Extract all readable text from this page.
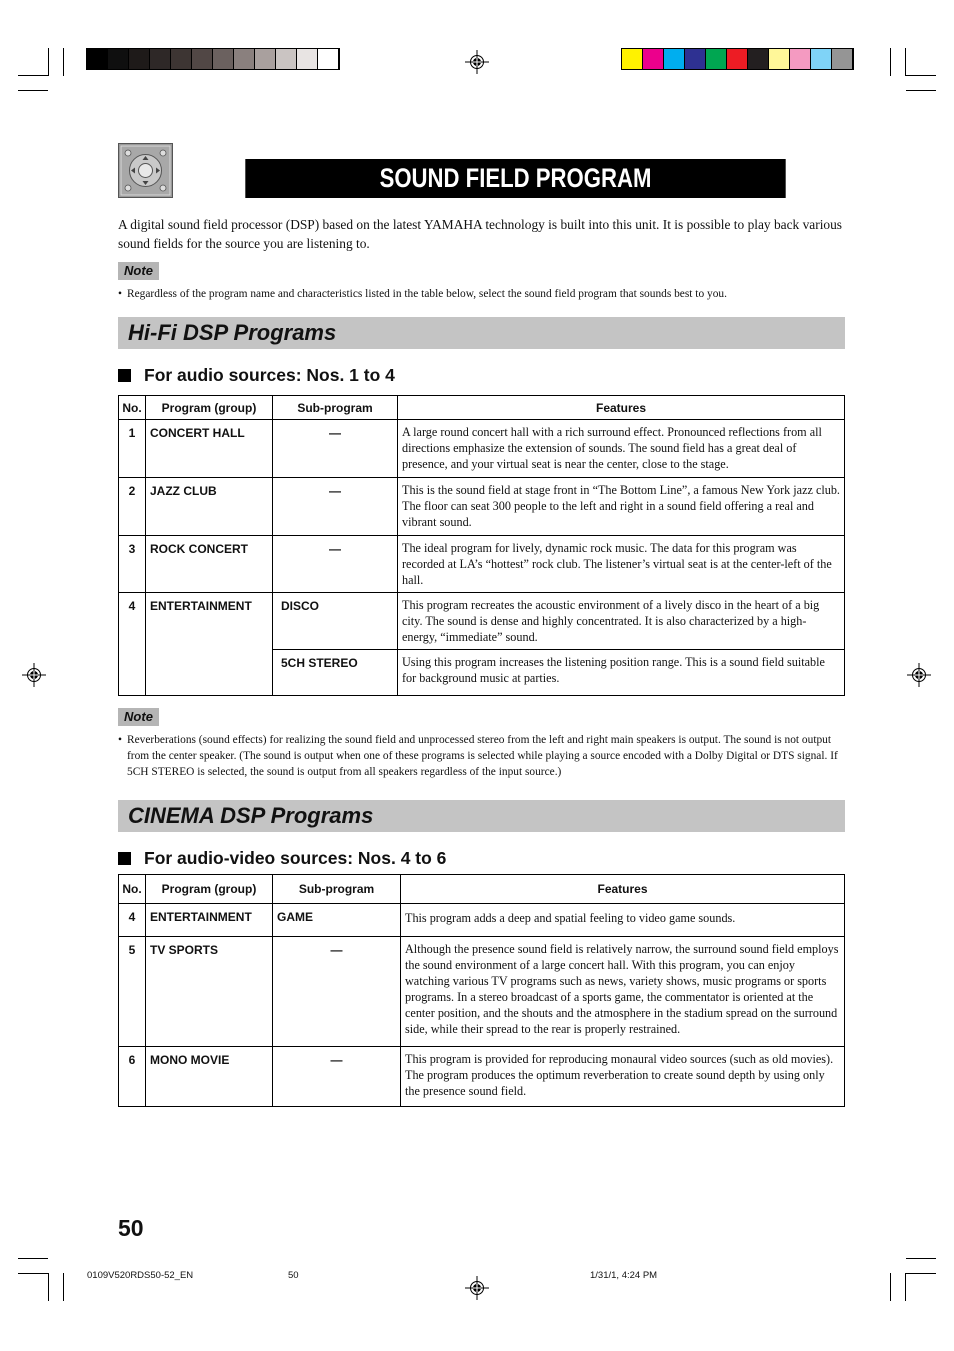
SOUND FIELD PROGRAM
A digital sound field processor (DSP) based on the latest YAMAHA technology is built into this unit. It is possible to play back various sound fields for the source you are listening to.
Note
• Regardless of the program name and characteristics listed in the table below, select the sound field program that sounds best to you.
Hi-Fi DSP Programs
For audio sources: Nos. 1 to 4
No.	Program (group)	Sub-program	Features
1	CONCERT HALL	—	A large round concert hall with a rich surround effect. Pronounced reflections from all directions emphasize the extension of sounds. The sound field has a great deal of presence, and your virtual seat is near the center, close to the stage.
2	JAZZ CLUB	—	This is the sound field at stage front in “The Bottom Line”, a famous New York jazz club. The floor can seat 300 people to the left and right in a sound field offering a real and vibrant sound.
3	ROCK CONCERT	—	The ideal program for lively, dynamic rock music. The data for this program was recorded at LA’s “hottest” rock club. The listener’s virtual seat is at the center-left of the hall.
4	ENTERTAINMENT	DISCO	This program recreates the acoustic environment of a lively disco in the heart of a big city. The sound is dense and highly concentrated. It is also characterized by a high-energy, “immediate” sound.
		5CH STEREO	Using this program increases the listening position range. This is a sound field suitable for background music at parties.
Note
• Reverberations (sound effects) for realizing the sound field and unprocessed stereo from the left and right main speakers is output. The sound is not output from the center speaker. (The sound is output when one of these programs is selected while playing a source encoded with a Dolby Digital or DTS signal. If 5CH STEREO is selected, the sound is output from all speakers regardless of the input source.)
CINEMA DSP Programs
For audio-video sources: Nos. 4 to 6
No.	Program (group)	Sub-program	Features
4	ENTERTAINMENT	GAME	This program adds a deep and spatial feeling to video game sounds.
5	TV SPORTS	—	Although the presence sound field is relatively narrow, the surround sound field employs the sound environment of a large concert hall. With this program, you can enjoy watching various TV programs such as news, variety shows, music programs or sports programs. In a stereo broadcast of a sports game, the commentator is oriented at the center position, and the shouts and the atmosphere in the stadium spread on the surround side, while their spread to the rear is properly restrained.
6	MONO MOVIE	—	This program is provided for reproducing monaural video sources (such as old movies). The program produces the optimum reverberation to create sound depth by using only the presence sound field.
50
0109V520RDS50-52_EN	50	1/31/1, 4:24 PM
